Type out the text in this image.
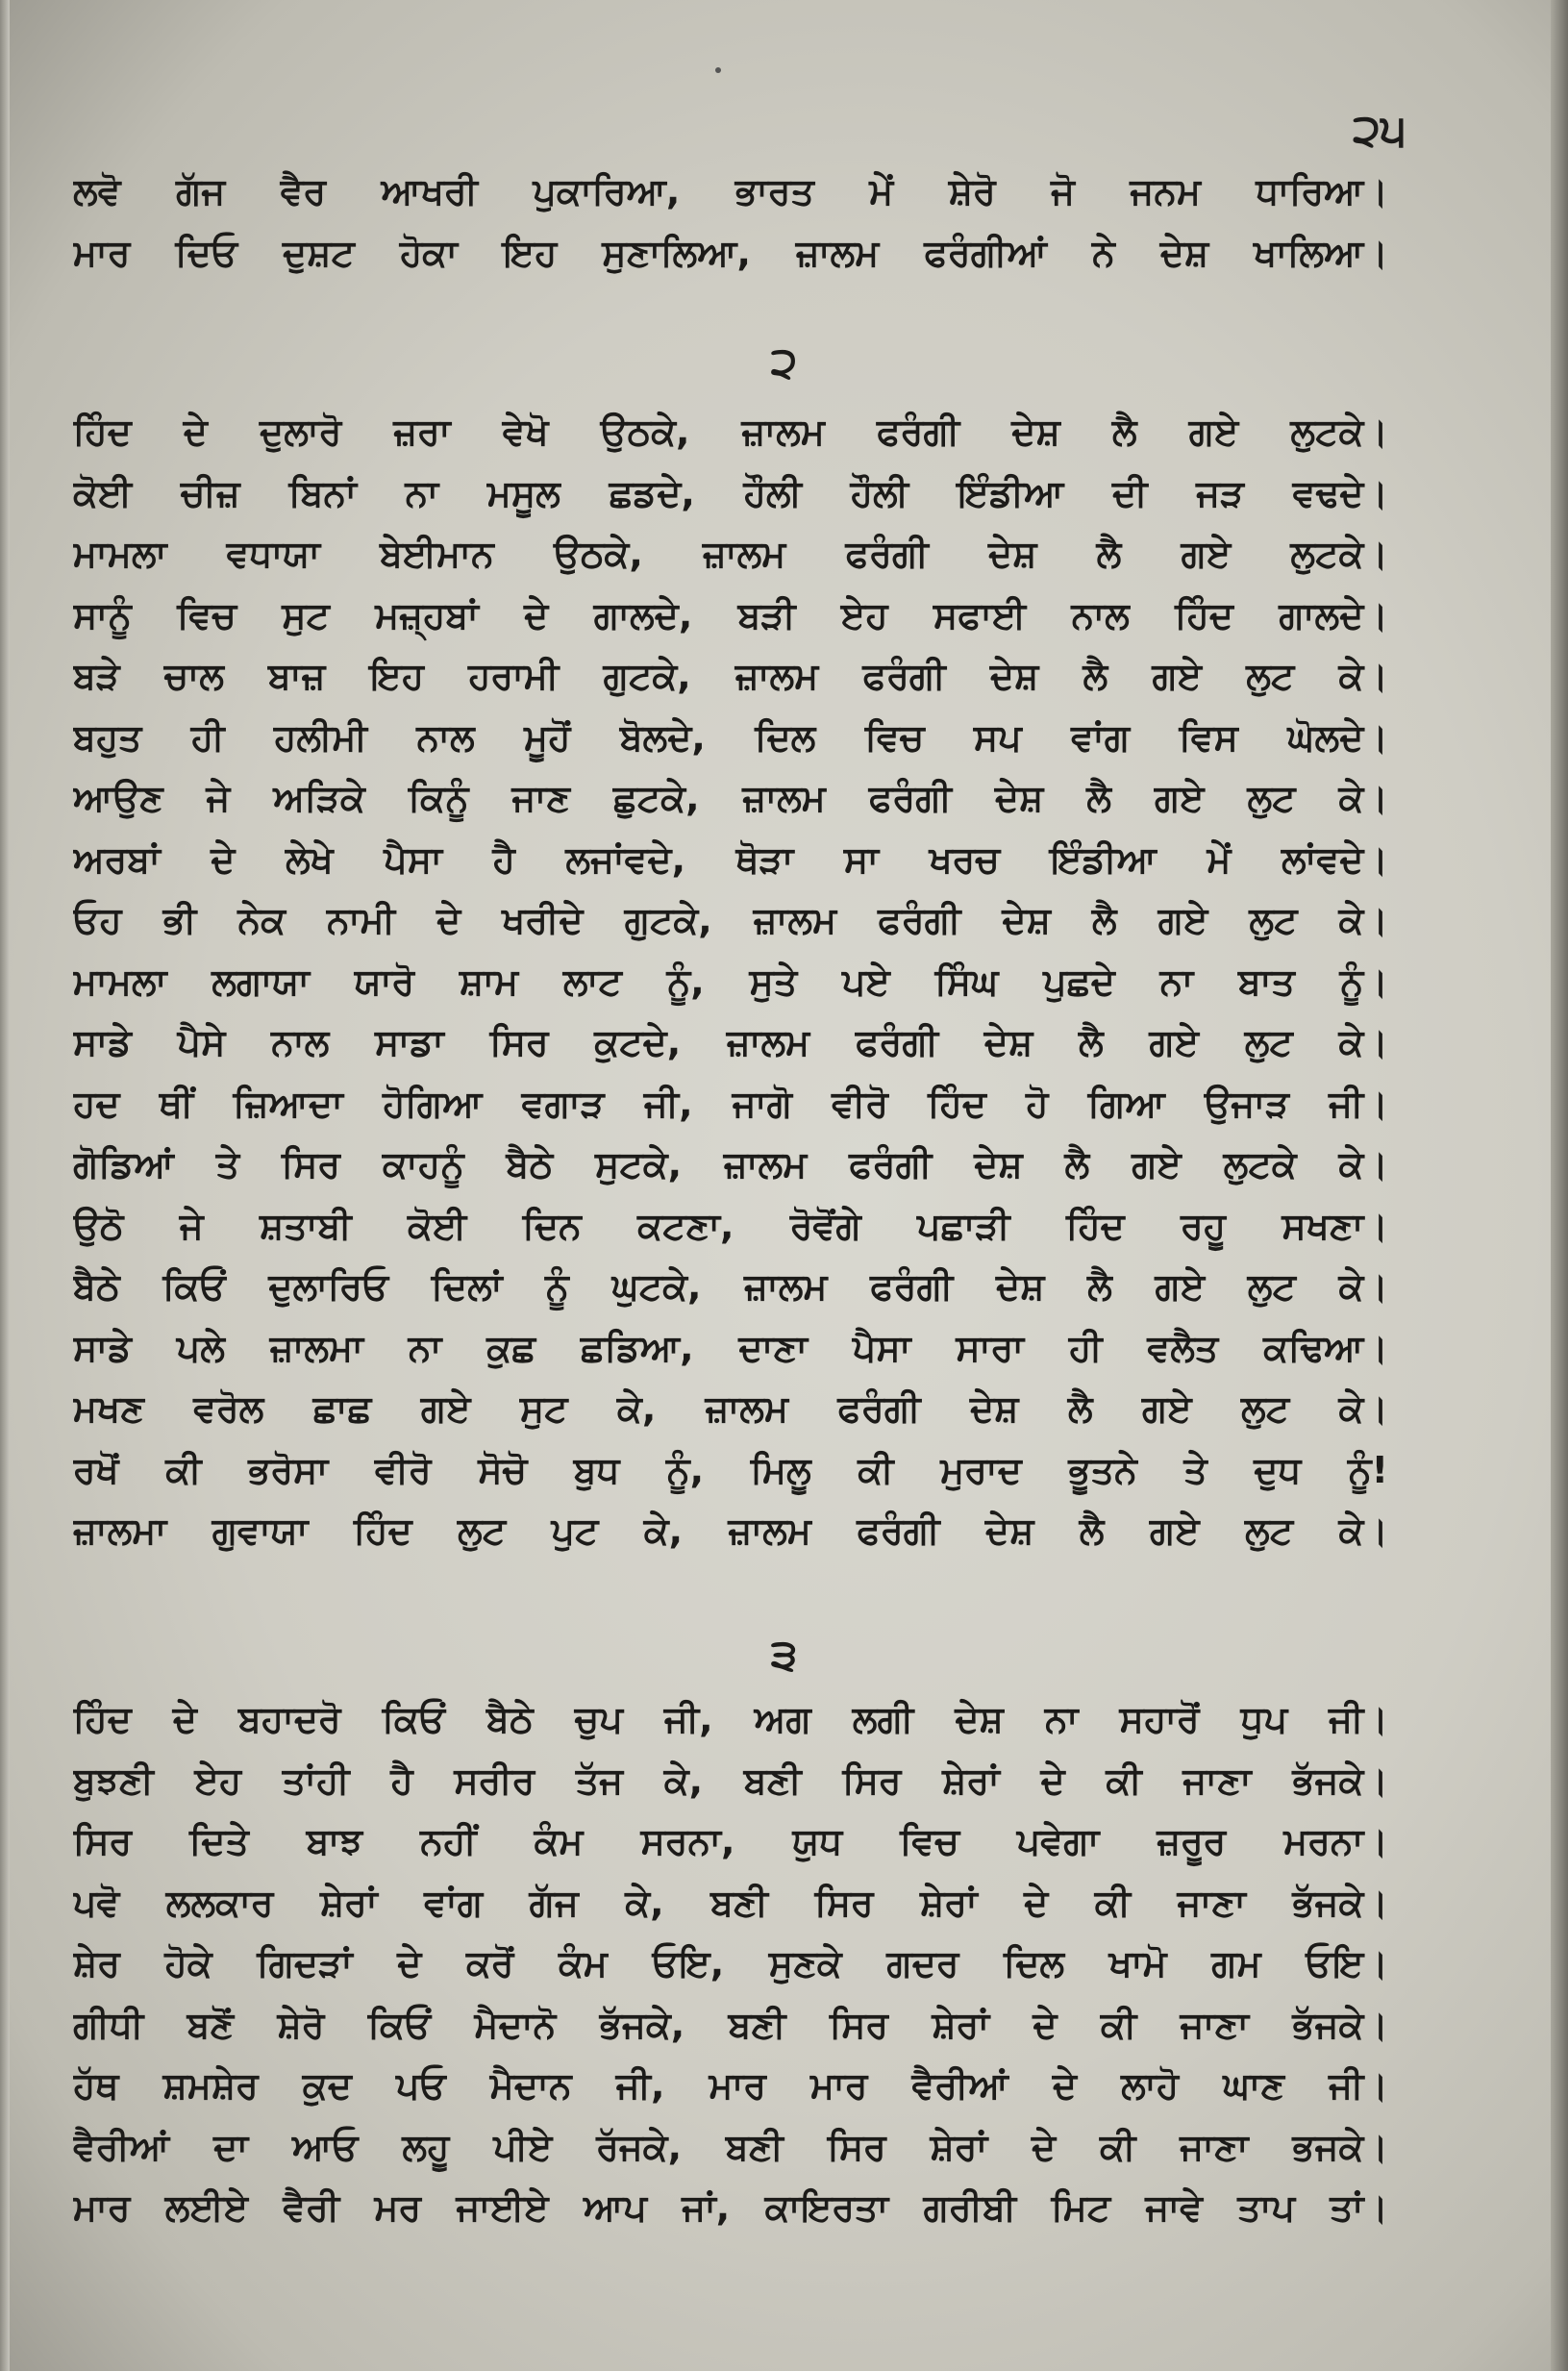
੨੫
ਲਵੋ ਗੱਜ ਵੈਰ ਆਖਰੀ ਪੁਕਾਰਿਆ, ਭਾਰਤ ਮੇਂ ਸ਼ੇਰੋ ਜੋ ਜਨਮ ਧਾਰਿਆ।
ਮਾਰ ਦਿਓ ਦੁਸ਼ਟ ਹੋਕਾ ਇਹ ਸੁਣਾਲਿਆ, ਜ਼ਾਲਮ ਫਰੰਗੀਆਂ ਨੇ ਦੇਸ਼ ਖਾਲਿਆ।
੨
ਹਿੰਦ ਦੇ ਦੁਲਾਰੋ ਜ਼ਰਾ ਵੇਖੋ ਉਠਕੇ, ਜ਼ਾਲਮ ਫਰੰਗੀ ਦੇਸ਼ ਲੈ ਗਏ ਲੁਟਕੇ।
ਕੋਈ ਚੀਜ਼ ਬਿਨਾਂ ਨਾ ਮਸੂਲ ਛਡਦੇ, ਹੌਲੀ ਹੌਲੀ ਇੰਡੀਆ ਦੀ ਜੜ ਵਢਦੇ।
ਮਾਮਲਾ ਵਧਾਯਾ ਬੇਈਮਾਨ ਉਠਕੇ, ਜ਼ਾਲਮ ਫਰੰਗੀ ਦੇਸ਼ ਲੈ ਗਏ ਲੁਟਕੇ।
ਸਾਨੂੰ ਵਿਚ ਸੁਟ ਮਜ਼੍ਹਬਾਂ ਦੇ ਗਾਲਦੇ, ਬੜੀ ਏਹ ਸਫਾਈ ਨਾਲ ਹਿੰਦ ਗਾਲਦੇ।
ਬੜੇ ਚਾਲ ਬਾਜ਼ ਇਹ ਹਰਾਮੀ ਗੁਟਕੇ, ਜ਼ਾਲਮ ਫਰੰਗੀ ਦੇਸ਼ ਲੈ ਗਏ ਲੁਟ ਕੇ।
ਬਹੁਤ ਹੀ ਹਲੀਮੀ ਨਾਲ ਮੂਹੋਂ ਬੋਲਦੇ, ਦਿਲ ਵਿਚ ਸਪ ਵਾਂਗ ਵਿਸ ਘੋਲਦੇ।
ਆਉਣ ਜੇ ਅੜਿਕੇ ਕਿਨੂੰ ਜਾਣ ਛੁਟਕੇ, ਜ਼ਾਲਮ ਫਰੰਗੀ ਦੇਸ਼ ਲੈ ਗਏ ਲੁਟ ਕੇ।
ਅਰਬਾਂ ਦੇ ਲੇਖੇ ਪੈਸਾ ਹੈ ਲਜਾਂਵਦੇ, ਥੋੜਾ ਸਾ ਖਰਚ ਇੰਡੀਆ ਮੇਂ ਲਾਂਵਦੇ।
ਓਹ ਭੀ ਨੇਕ ਨਾਮੀ ਦੇ ਖਰੀਦੇ ਗੁਟਕੇ, ਜ਼ਾਲਮ ਫਰੰਗੀ ਦੇਸ਼ ਲੈ ਗਏ ਲੁਟ ਕੇ।
ਮਾਮਲਾ ਲਗਾਯਾ ਯਾਰੋ ਸ਼ਾਮ ਲਾਟ ਨੂੰ, ਸੁਤੇ ਪਏ ਸਿੰਘ ਪੁਛਦੇ ਨਾ ਬਾਤ ਨੂੰ।
ਸਾਡੇ ਪੈਸੇ ਨਾਲ ਸਾਡਾ ਸਿਰ ਕੁਟਦੇ, ਜ਼ਾਲਮ ਫਰੰਗੀ ਦੇਸ਼ ਲੈ ਗਏ ਲੁਟ ਕੇ।
ਹਦ ਥੀਂ ਜ਼ਿਆਦਾ ਹੋਗਿਆ ਵਗਾੜ ਜੀ, ਜਾਗੋ ਵੀਰੋ ਹਿੰਦ ਹੋ ਗਿਆ ਉਜਾੜ ਜੀ।
ਗੋਡਿਆਂ ਤੇ ਸਿਰ ਕਾਹਨੂੰ ਬੈਠੇ ਸੁਟਕੇ, ਜ਼ਾਲਮ ਫਰੰਗੀ ਦੇਸ਼ ਲੈ ਗਏ ਲੁਟਕੇ ਕੇ।
ਉਠੋ ਜੇ ਸ਼ਤਾਬੀ ਕੋਈ ਦਿਨ ਕਟਣਾ, ਰੋਵੋਂਗੇ ਪਛਾੜੀ ਹਿੰਦ ਰਹੂ ਸਖਣਾ।
ਬੈਠੇ ਕਿਓਂ ਦੁਲਾਰਿਓ ਦਿਲਾਂ ਨੂੰ ਘੁਟਕੇ, ਜ਼ਾਲਮ ਫਰੰਗੀ ਦੇਸ਼ ਲੈ ਗਏ ਲੁਟ ਕੇ।
ਸਾਡੇ ਪਲੇ ਜ਼ਾਲਮਾ ਨਾ ਕੁਛ ਛਡਿਆ, ਦਾਣਾ ਪੈਸਾ ਸਾਰਾ ਹੀ ਵਲੈਤ ਕਢਿਆ।
ਮਖਣ ਵਰੋਲ ਛਾਛ ਗਏ ਸੁਟ ਕੇ, ਜ਼ਾਲਮ ਫਰੰਗੀ ਦੇਸ਼ ਲੈ ਗਏ ਲੁਟ ਕੇ।
ਰਖੋਂ ਕੀ ਭਰੋਸਾ ਵੀਰੋ ਸੋਚੋ ਬੁਧ ਨੂੰ, ਮਿਲੂ ਕੀ ਮੁਰਾਦ ਭੂਤਨੇ ਤੇ ਦੁਧ ਨੂੰ!
ਜ਼ਾਲਮਾ ਗੁਵਾਯਾ ਹਿੰਦ ਲੁਟ ਪੁਟ ਕੇ, ਜ਼ਾਲਮ ਫਰੰਗੀ ਦੇਸ਼ ਲੈ ਗਏ ਲੁਟ ਕੇ।
੩
ਹਿੰਦ ਦੇ ਬਹਾਦਰੋ ਕਿਓਂ ਬੈਠੇ ਚੁਪ ਜੀ, ਅਗ ਲਗੀ ਦੇਸ਼ ਨਾ ਸਹਾਰੋਂ ਧੁਪ ਜੀ।
ਬੁਝਣੀ ਏਹ ਤਾਂਹੀ ਹੈ ਸਰੀਰ ਤੱਜ ਕੇ, ਬਣੀ ਸਿਰ ਸ਼ੇਰਾਂ ਦੇ ਕੀ ਜਾਣਾ ਭੱਜਕੇ।
ਸਿਰ ਦਿਤੇ ਬਾਝ ਨਹੀਂ ਕੰਮ ਸਰਨਾ, ਯੁਧ ਵਿਚ ਪਵੇਗਾ ਜ਼ਰੂਰ ਮਰਨਾ।
ਪਵੋ ਲਲਕਾਰ ਸ਼ੇਰਾਂ ਵਾਂਗ ਗੱਜ ਕੇ, ਬਣੀ ਸਿਰ ਸ਼ੇਰਾਂ ਦੇ ਕੀ ਜਾਣਾ ਭੱਜਕੇ।
ਸ਼ੇਰ ਹੋਕੇ ਗਿਦੜਾਂ ਦੇ ਕਰੋਂ ਕੰਮ ਓਇ, ਸੁਣਕੇ ਗਦਰ ਦਿਲ ਖਾਮੋ ਗਮ ਓਇ।
ਗੀਧੀ ਬਣੋਂ ਸ਼ੇਰੋ ਕਿਓਂ ਮੈਦਾਨੋ ਭੱਜਕੇ, ਬਣੀ ਸਿਰ ਸ਼ੇਰਾਂ ਦੇ ਕੀ ਜਾਣਾ ਭੱਜਕੇ।
ਹੱਥ ਸ਼ਮਸ਼ੇਰ ਕੁਦ ਪਓ ਮੈਦਾਨ ਜੀ, ਮਾਰ ਮਾਰ ਵੈਰੀਆਂ ਦੇ ਲਾਹੋ ਘਾਣ ਜੀ।
ਵੈਰੀਆਂ ਦਾ ਆਓ ਲਹੂ ਪੀਏ ਰੱਜਕੇ, ਬਣੀ ਸਿਰ ਸ਼ੇਰਾਂ ਦੇ ਕੀ ਜਾਣਾ ਭਜਕੇ।
ਮਾਰ ਲਈਏ ਵੈਰੀ ਮਰ ਜਾਈਏ ਆਪ ਜਾਂ, ਕਾਇਰਤਾ ਗਰੀਬੀ ਮਿਟ ਜਾਵੇ ਤਾਪ ਤਾਂ।
